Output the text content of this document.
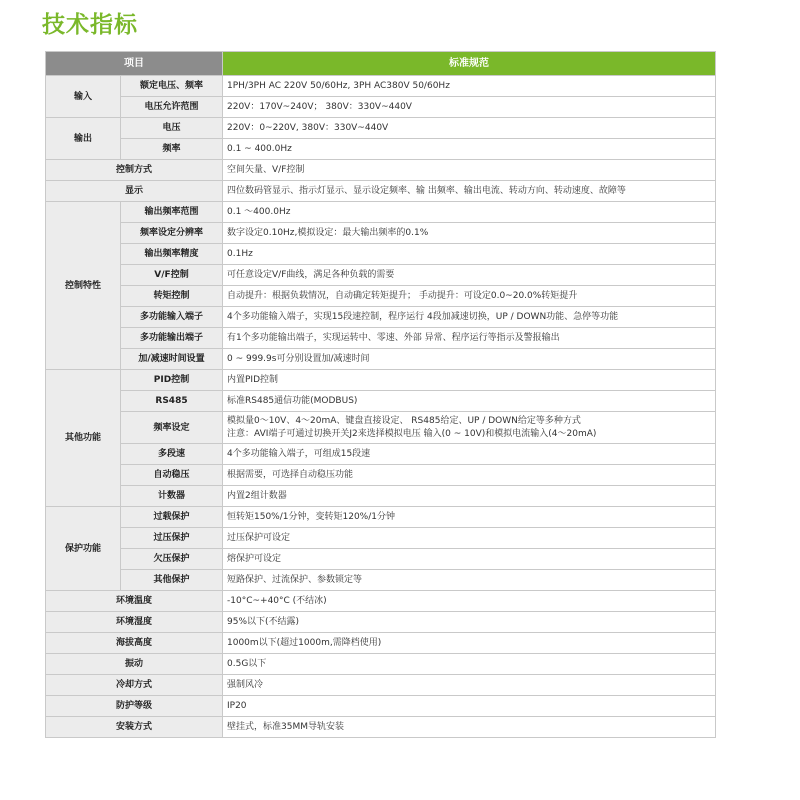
技术指标
项目		标准规范
输入	额定电压、频率	1PH/3PH AC 220V 50/60Hz, 3PH AC380V 50/60Hz
	电压允许范围	220V：170V~240V； 380V：330V~440V
输出	电压	220V：0~220V, 380V：330V~440V
	频率	0.1 ~ 400.0Hz
控制方式		空间矢量、V/F控制
显示		四位数码管显示、指示灯显示、显示设定频率、输 出频率、输出电流、转动方向、转动速度、故障等
控制特性	输出频率范围	0.1 ～400.0Hz
	频率设定分辨率	数字设定0.10Hz,模拟设定：最大输出频率的0.1%
	输出频率精度	0.1Hz
	V/F控制	可任意设定V/F曲线，满足各种负载的需要
	转矩控制	自动提升：根据负载情况，自动确定转矩提升； 手动提升：可设定0.0~20.0%转矩提升
	多功能输入端子	4个多功能输入端子，实现15段速控制，程序运行 4段加减速切换，UP / DOWN功能、急停等功能
	多功能输出端子	有1个多功能输出端子，实现运转中、零速、外部 异常、程序运行等指示及警报输出
	加/减速时间设置	0 ~ 999.9s可分别设置加/减速时间
其他功能	PID控制	内置PID控制
	RS485	标准RS485通信功能(MODBUS)
	频率设定	模拟量0～10V、4～20mA、键盘直接设定、 RS485给定、UP / DOWN给定等多种方式
注意：AVI端子可通过切换开关J2来选择模拟电压 输入(0 ~ 10V)和模拟电流输入(4～20mA)

	多段速	4个多功能输入端子，可组成15段速
	自动稳压	根据需要，可选择自动稳压功能
	计数器	内置2组计数器
保护功能	过载保护	恒转矩150%/1分钟，变转矩120%/1分钟
	过压保护	过压保护可设定
	欠压保护	熔保护可设定
	其他保护	短路保护、过流保护、参数锁定等
环境温度		-10°C~+40°C (不结冰)
环境湿度		95%以下(不结露)
海拔高度		1000m以下(超过1000m,需降档使用)
振动		0.5G以下
冷却方式		强制风冷
防护等级		IP20
安装方式		壁挂式，标准35MM导轨安装
